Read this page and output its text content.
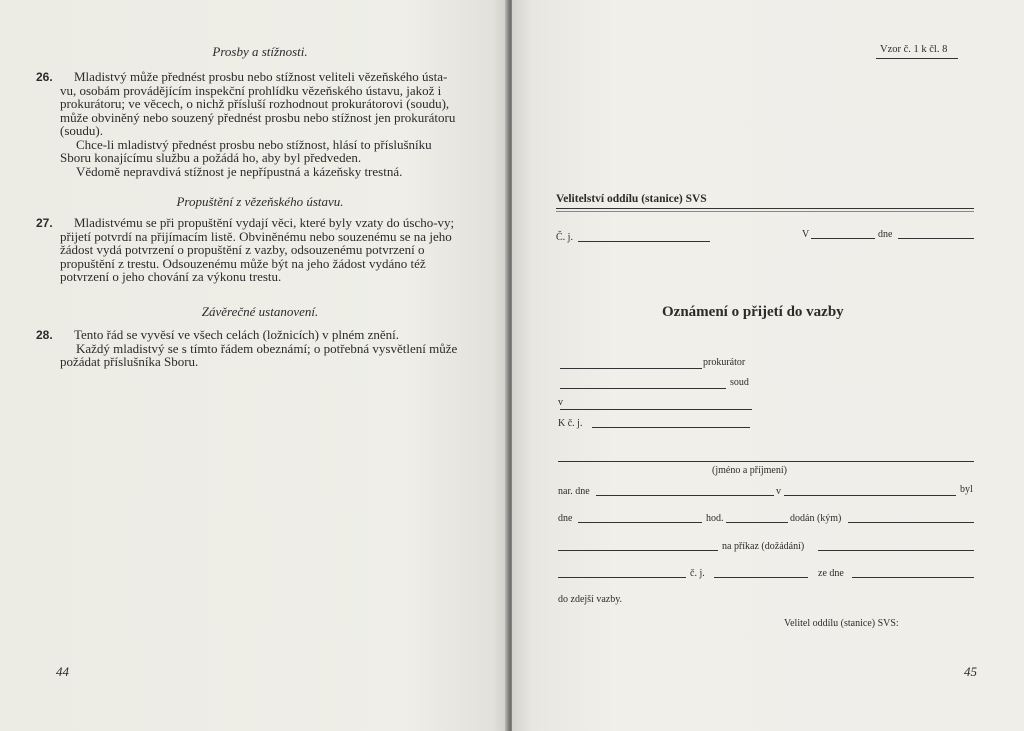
Prosby a stížnosti.
26.	Mladistvý může přednést prosbu nebo stížnost veliteli vězeňského ústa-vu, osobám provádějícím inspekční prohlídku vězeňského ústavu, jakož i prokurátoru; ve věcech, o nichž přísluší rozhodnout prokurátorovi (soudu), může obviněný nebo souzený přednést prosbu nebo stížnost jen prokurátoru (soudu).
Chce-li mladistvý přednést prosbu nebo stížnost, hlásí to příslušníku Sboru konajícímu službu a požádá ho, aby byl předveden.
Vědomě nepravdivá stížnost je nepřípustná a kázeňsky trestná.
Propuštění z vězeňského ústavu.
27.	Mladistvému se při propuštění vydají věci, které byly vzaty do úscho-vy; přijetí potvrdí na přijímacím listě. Obviněnému nebo souzenému se na jeho žádost vydá potvrzení o propuštění z vazby, odsouzenému potvrzení o propuštění z trestu. Odsouzenému může být na jeho žádost vydáno též potvrzení o jeho chování za výkonu trestu.
Závěrečné ustanovení.
28.	Tento řád se vyvěsí ve všech celách (ložnicích) v plném znění.
Každý mladistvý se s tímto řádem obeznámí; o potřebná vysvětlení může požádat příslušníka Sboru.
44
Vzor č. 1 k čl. 8
Velitelství oddílu (stanice) SVS
Č. j.	V	dne
Oznámení o přijetí do vazby
prokurátor
soud
v
K č. j.
(jméno a příjmení)
nar. dne	v	byl
dne	hod.	dodán (kým)
na příkaz (dožádání)
č. j.	ze dne
do zdejší vazby.
Velitel oddílu (stanice) SVS:
45
